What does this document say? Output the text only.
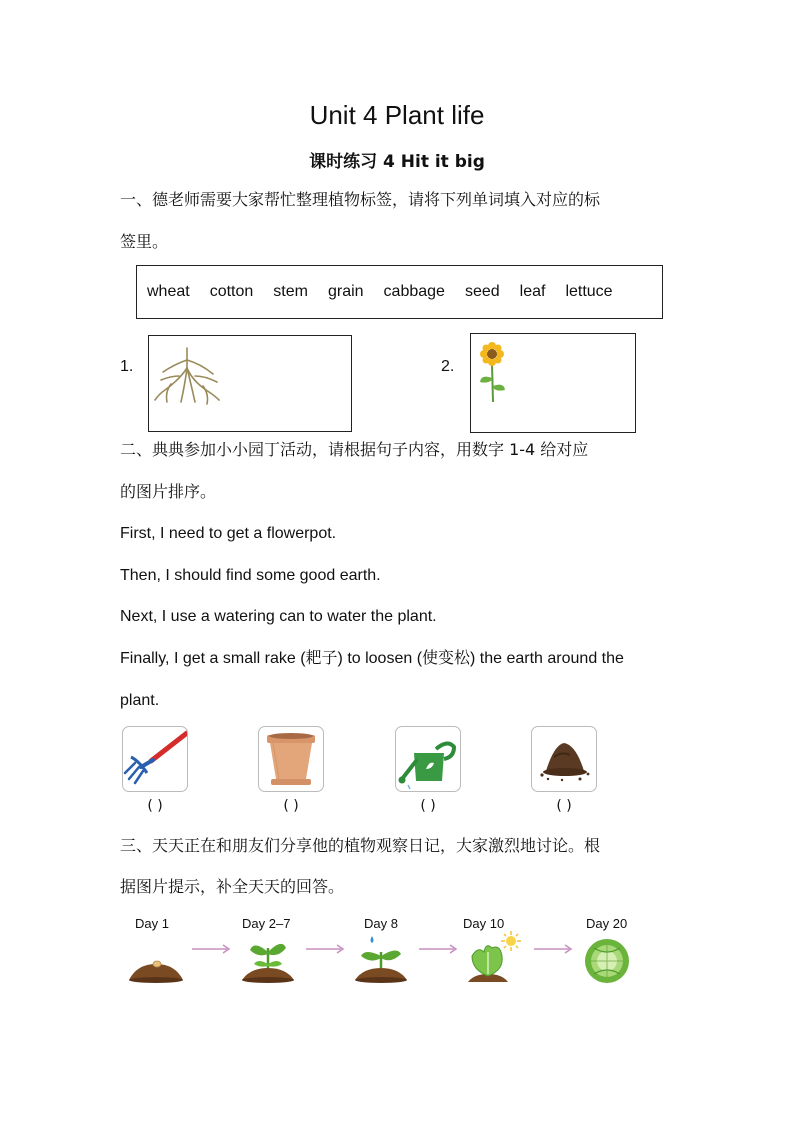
Unit 4 Plant life
课时练习 4 Hit it big
一、德老师需要大家帮忙整理植物标签，请将下列单词填入对应的标
签里。
wheat cotton stem grain cabbage seed leaf lettuce
1.	2.
二、典典参加小小园丁活动，请根据句子内容，用数字 1-4 给对应
的图片排序。
First, I need to get a flowerpot.
Then, I should find some good earth.
Next, I use a watering can to water the plant.
Finally, I get a small rake (耙子) to loosen (使变松) the earth around the
plant.
( )	( )	( )	( )
三、天天正在和朋友们分享他的植物观察日记，大家激烈地讨论。根
据图片提示，补全天天的回答。
Day 1	Day 2–7	Day 8	Day 10	Day 20
